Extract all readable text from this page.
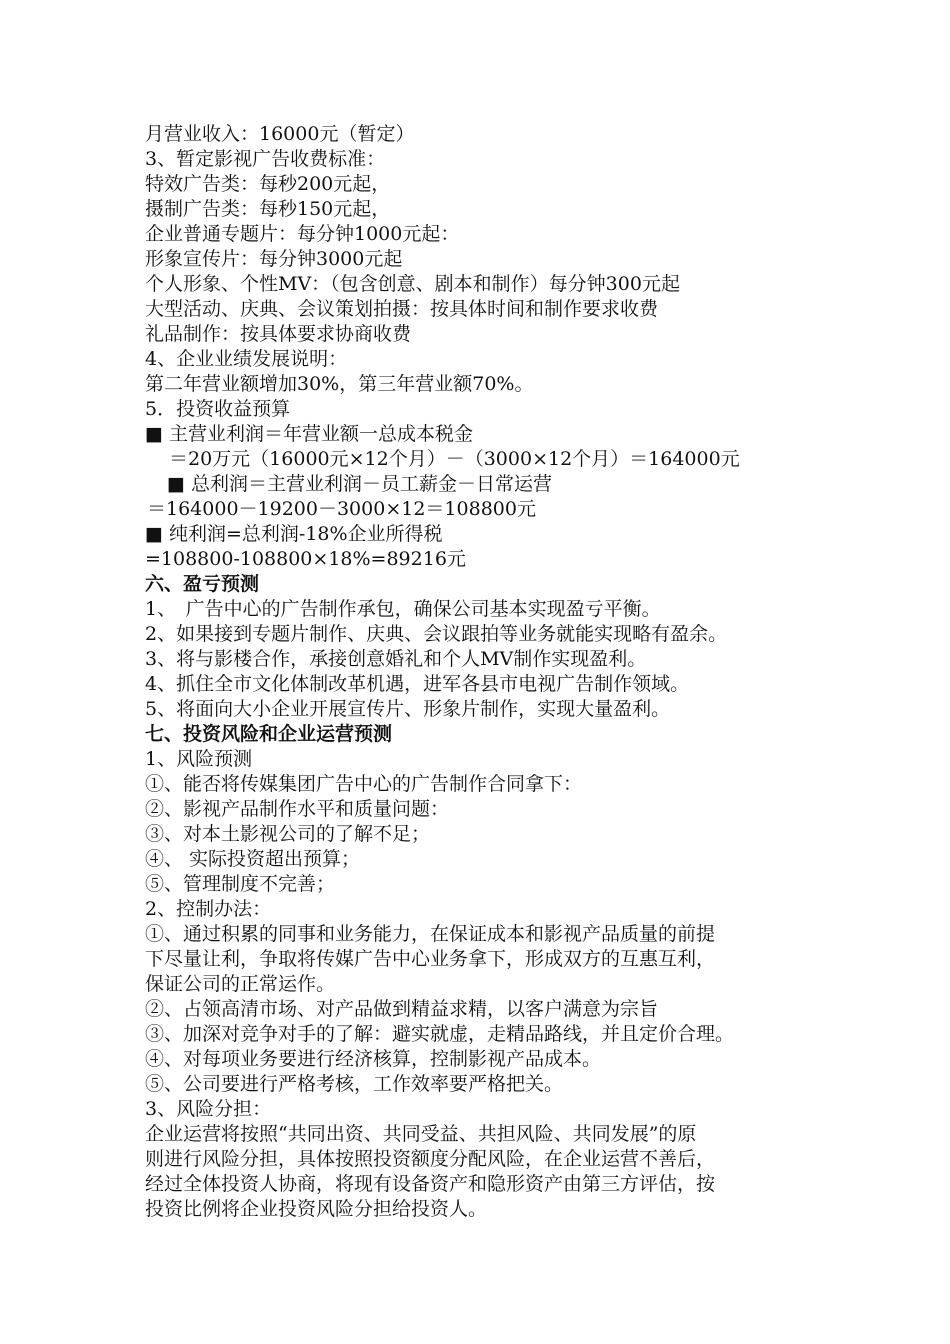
月营业收入：16000元（暂定）
3、暂定影视广告收费标准：
特效广告类：每秒200元起，
摄制广告类：每秒150元起，
企业普通专题片：每分钟1000元起：
形象宣传片：每分钟3000元起
个人形象、个性MV：（包含创意、剧本和制作）每分钟300元起
大型活动、庆典、会议策划拍摄：按具体时间和制作要求收费
礼品制作：按具体要求协商收费
4、企业业绩发展说明：
第二年营业额增加30%，第三年营业额70%。
5．投资收益预算
■ 主营业利润＝年营业额一总成本税金
＝20万元（16000元×12个月）－（3000×12个月）＝164000元
■ 总利润＝主营业利润－员工薪金－日常运营
＝164000－19200－3000×12＝108800元
■ 纯利润=总利润-18%企业所得税
=108800-108800×18%=89216元
六、盈亏预测
1、　广告中心的广告制作承包，确保公司基本实现盈亏平衡。
2、如果接到专题片制作、庆典、会议跟拍等业务就能实现略有盈余。
3、将与影楼合作，承接创意婚礼和个人MV制作实现盈利。
4、抓住全市文化体制改革机遇，进军各县市电视广告制作领域。
5、将面向大小企业开展宣传片、形象片制作，实现大量盈利。
七、投资风险和企业运营预测
1、风险预测
①、能否将传媒集团广告中心的广告制作合同拿下：
②、影视产品制作水平和质量问题：
③、对本土影视公司的了解不足；
④、 实际投资超出预算；
⑤、管理制度不完善；
2、控制办法：
①、通过积累的同事和业务能力，在保证成本和影视产品质量的前提
下尽量让利，争取将传媒广告中心业务拿下，形成双方的互惠互利，
保证公司的正常运作。
②、占领高清市场、对产品做到精益求精，以客户满意为宗旨
③、加深对竞争对手的了解：避实就虚，走精品路线，并且定价合理。
④、对每项业务要进行经济核算，控制影视产品成本。
⑤、公司要进行严格考核，工作效率要严格把关。
3、风险分担：
企业运营将按照“共同出资、共同受益、共担风险、共同发展”的原
则进行风险分担，具体按照投资额度分配风险，在企业运营不善后，
经过全体投资人协商，将现有设备资产和隐形资产由第三方评估，按
投资比例将企业投资风险分担给投资人。
